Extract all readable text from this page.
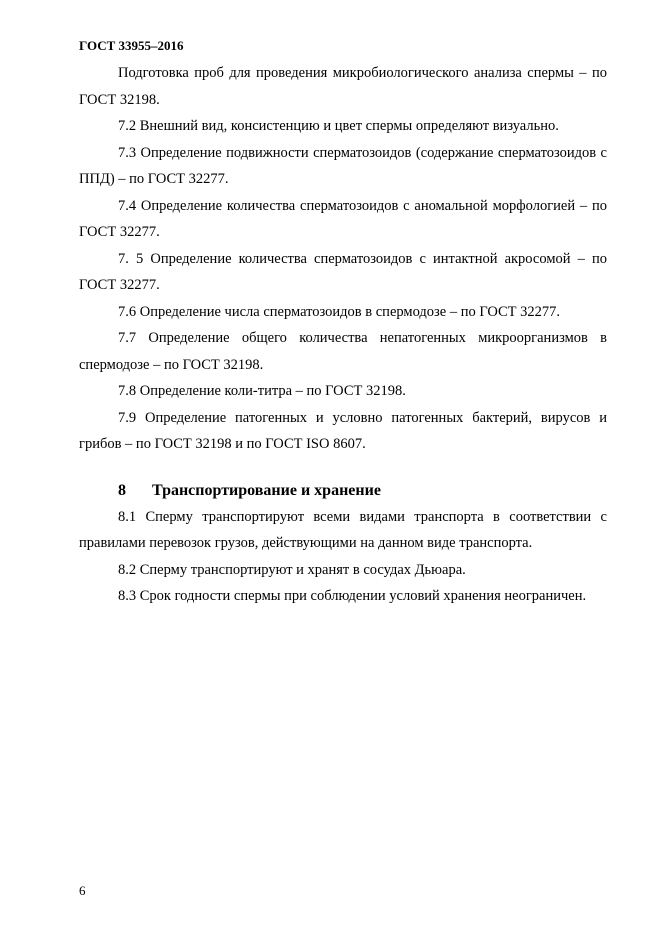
ГОСТ 33955–2016

Подготовка проб для проведения микробиологического анализа спермы – по ГОСТ 32198.

7.2 Внешний вид, консистенцию и цвет спермы определяют визуально.

7.3 Определение подвижности сперматозоидов (содержание сперматозоидов с ППД) – по ГОСТ 32277.

7.4 Определение количества сперматозоидов с аномальной морфологией – по ГОСТ 32277.

7. 5 Определение количества сперматозоидов с интактной акросомой – по ГОСТ 32277.

7.6 Определение числа сперматозоидов в спермодозе – по ГОСТ 32277.

7.7 Определение общего количества непатогенных микроорганизмов в спермодозе – по ГОСТ 32198.

7.8 Определение коли-титра – по ГОСТ 32198.

7.9 Определение патогенных и условно патогенных бактерий, вирусов и грибов – по ГОСТ 32198 и по ГОСТ ISO 8607.

8	Транспортирование и хранение

8.1 Сперму транспортируют всеми видами транспорта в соответствии с правилами перевозок грузов, действующими на данном виде транспорта.

8.2 Сперму транспортируют и хранят в сосудах Дьюара.

8.3 Срок годности спермы при соблюдении условий хранения неограничен.

6
